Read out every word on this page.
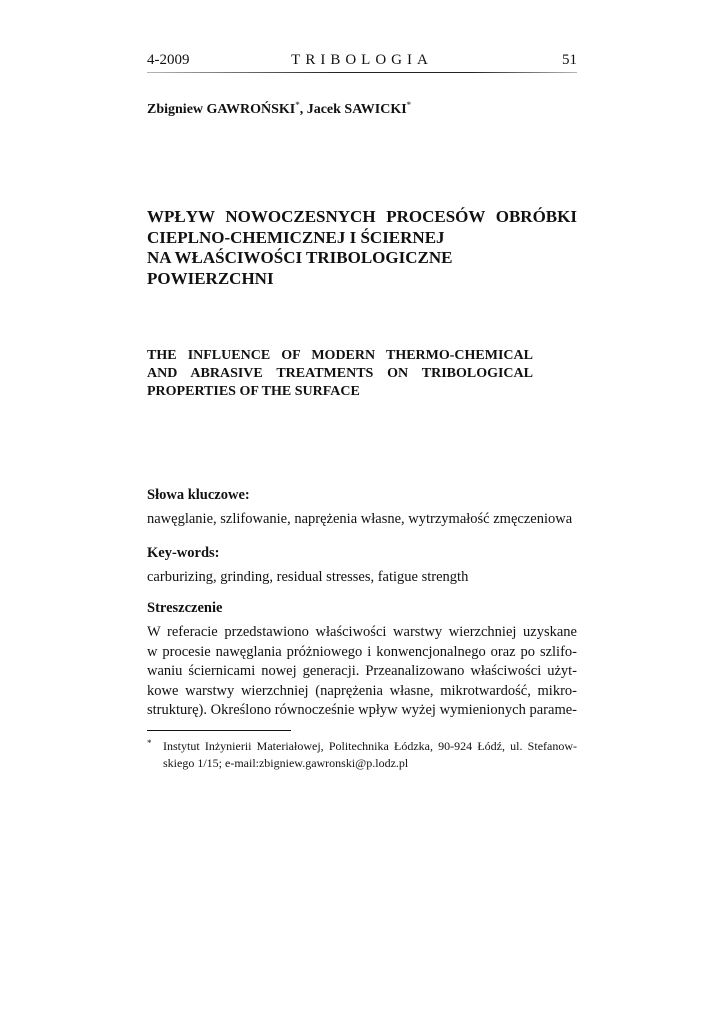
4-2009	TRIBOLOGIA	51
Zbigniew GAWROŃSKI*, Jacek SAWICKI*
WPŁYW NOWOCZESNYCH PROCESÓW OBRÓBKI
CIEPLNO-CHEMICZNEJ I ŚCIERNEJ
NA WŁAŚCIWOŚCI TRIBOLOGICZNE
POWIERZCHNI
THE INFLUENCE OF MODERN THERMO-CHEMICAL
AND ABRASIVE TREATMENTS ON TRIBOLOGICAL
PROPERTIES OF THE SURFACE
Słowa kluczowe:
nawęglanie, szlifowanie, naprężenia własne, wytrzymałość zmęczeniowa
Key-words:
carburizing, grinding, residual stresses, fatigue strength
Streszczenie
W referacie przedstawiono właściwości warstwy wierzchniej uzyskane
w procesie nawęglania próżniowego i konwencjonalnego oraz po szlifo-
waniu ściernicami nowej generacji. Przeanalizowano właściwości użyt-
kowe warstwy wierzchniej (naprężenia własne, mikrotwardość, mikro-
strukturę). Określono równocześnie wpływ wyżej wymienionych parame-
* Instytut Inżynierii Materiałowej, Politechnika Łódzka, 90-924 Łódź, ul. Stefanow-
skiego 1/15; e-mail:zbigniew.gawronski@p.lodz.pl
